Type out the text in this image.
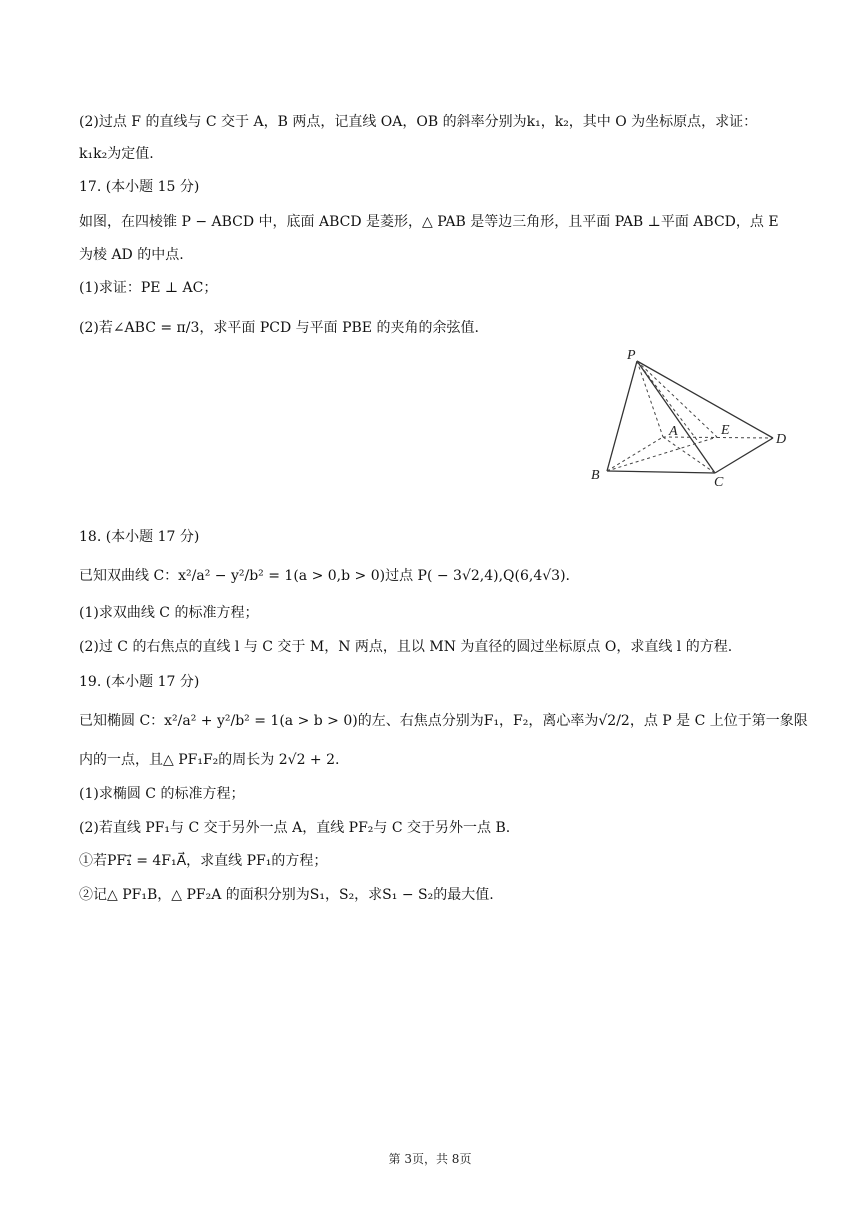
(2)过点 F 的直线与 C 交于 A，B 两点，记直线 OA，OB 的斜率分别为k₁，k₂，其中 O 为坐标原点，求证：
k₁k₂为定值.
17. (本小题 15 分)
如图，在四棱锥 P − ABCD 中，底面 ABCD 是菱形，△ PAB 是等边三角形，且平面 PAB ⊥平面 ABCD，点 E
为棱 AD 的中点.
(1)求证：PE ⊥ AC；
(2)若∠ABC = π/3，求平面 PCD 与平面 PBE 的夹角的余弦值.
P
A	E
D
B	C
18. (本小题 17 分)
已知双曲线 C：x²/a² − y²/b² = 1(a > 0,b > 0)过点 P( − 3√2,4),Q(6,4√3).
(1)求双曲线 C 的标准方程；
(2)过 C 的右焦点的直线 l 与 C 交于 M，N 两点，且以 MN 为直径的圆过坐标原点 O，求直线 l 的方程.
19. (本小题 17 分)
已知椭圆 C：x²/a² + y²/b² = 1(a > b > 0)的左、右焦点分别为F₁，F₂，离心率为√2/2，点 P 是 C 上位于第一象限
内的一点，且△ PF₁F₂的周长为 2√2 + 2.
(1)求椭圆 C 的标准方程；
(2)若直线 PF₁与 C 交于另外一点 A，直线 PF₂与 C 交于另外一点 B.
①若PF₁⃗ = 4F₁A⃗，求直线 PF₁的方程；
②记△ PF₁B，△ PF₂A 的面积分别为S₁，S₂，求S₁ − S₂的最大值.
第 3页，共 8页
